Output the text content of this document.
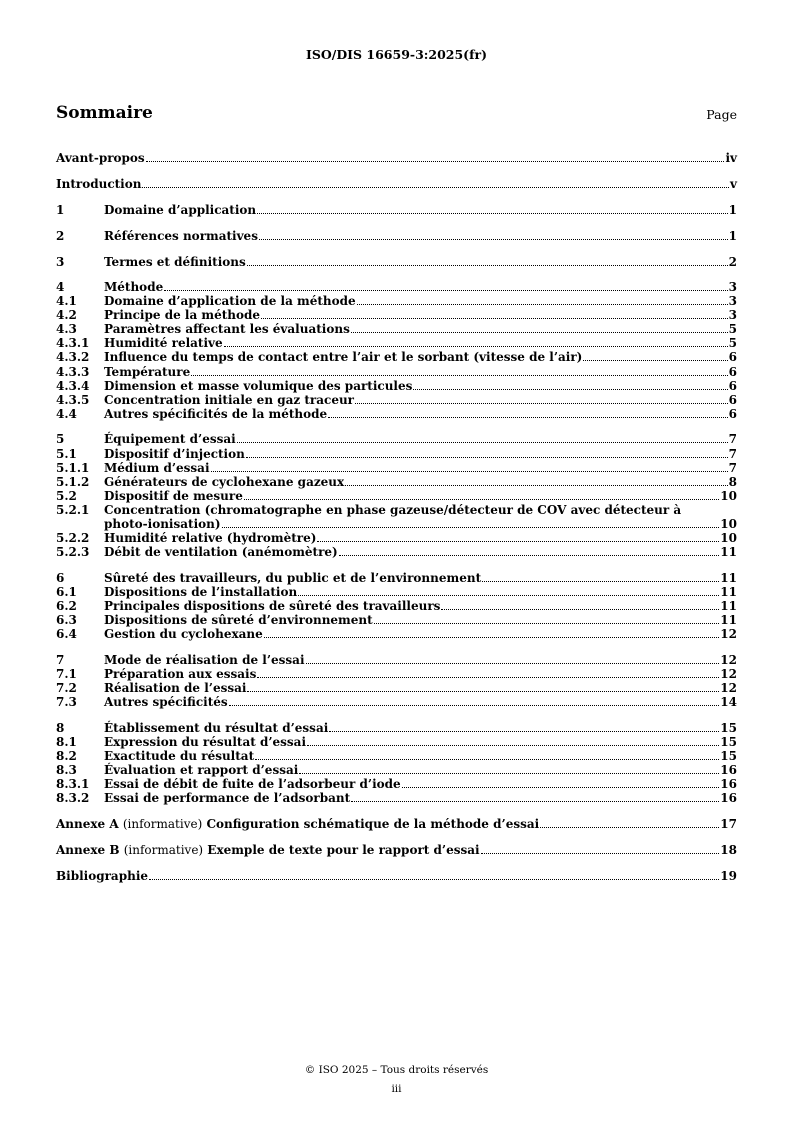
ISO/DIS 16659-3:2025(fr)
Sommaire	Page
Avant-propos	iv
Introduction	v
1	Domaine d’application	1
2	Références normatives	1
3	Termes et définitions	2
4	Méthode	3
4.1	Domaine d’application de la méthode	3
4.2	Principe de la méthode	3
4.3	Paramètres affectant les évaluations	5
4.3.1	Humidité relative	5
4.3.2	Influence du temps de contact entre l’air et le sorbant (vitesse de l’air)	6
4.3.3	Température	6
4.3.4	Dimension et masse volumique des particules	6
4.3.5	Concentration initiale en gaz traceur	6
4.4	Autres spécificités de la méthode	6
5	Équipement d’essai	7
5.1	Dispositif d’injection	7
5.1.1	Médium d’essai	7
5.1.2	Générateurs de cyclohexane gazeux	8
5.2	Dispositif de mesure	10
5.2.1	Concentration (chromatographe en phase gazeuse/détecteur de COV avec détecteur à
photo-ionisation)	10
5.2.2	Humidité relative (hydromètre)	10
5.2.3	Débit de ventilation (anémomètre)	11
6	Sûreté des travailleurs, du public et de l’environnement	11
6.1	Dispositions de l’installation	11
6.2	Principales dispositions de sûreté des travailleurs	11
6.3	Dispositions de sûreté d’environnement	11
6.4	Gestion du cyclohexane	12
7	Mode de réalisation de l’essai	12
7.1	Préparation aux essais	12
7.2	Réalisation de l’essai	12
7.3	Autres spécificités	14
8	Établissement du résultat d’essai	15
8.1	Expression du résultat d’essai	15
8.2	Exactitude du résultat	15
8.3	Évaluation et rapport d’essai	16
8.3.1	Essai de débit de fuite de l’adsorbeur d’iode	16
8.3.2	Essai de performance de l’adsorbant	16
Annexe A (informative) Configuration schématique de la méthode d’essai	17
Annexe B (informative) Exemple de texte pour le rapport d’essai	18
Bibliographie	19
© ISO 2025 – Tous droits réservés
iii
